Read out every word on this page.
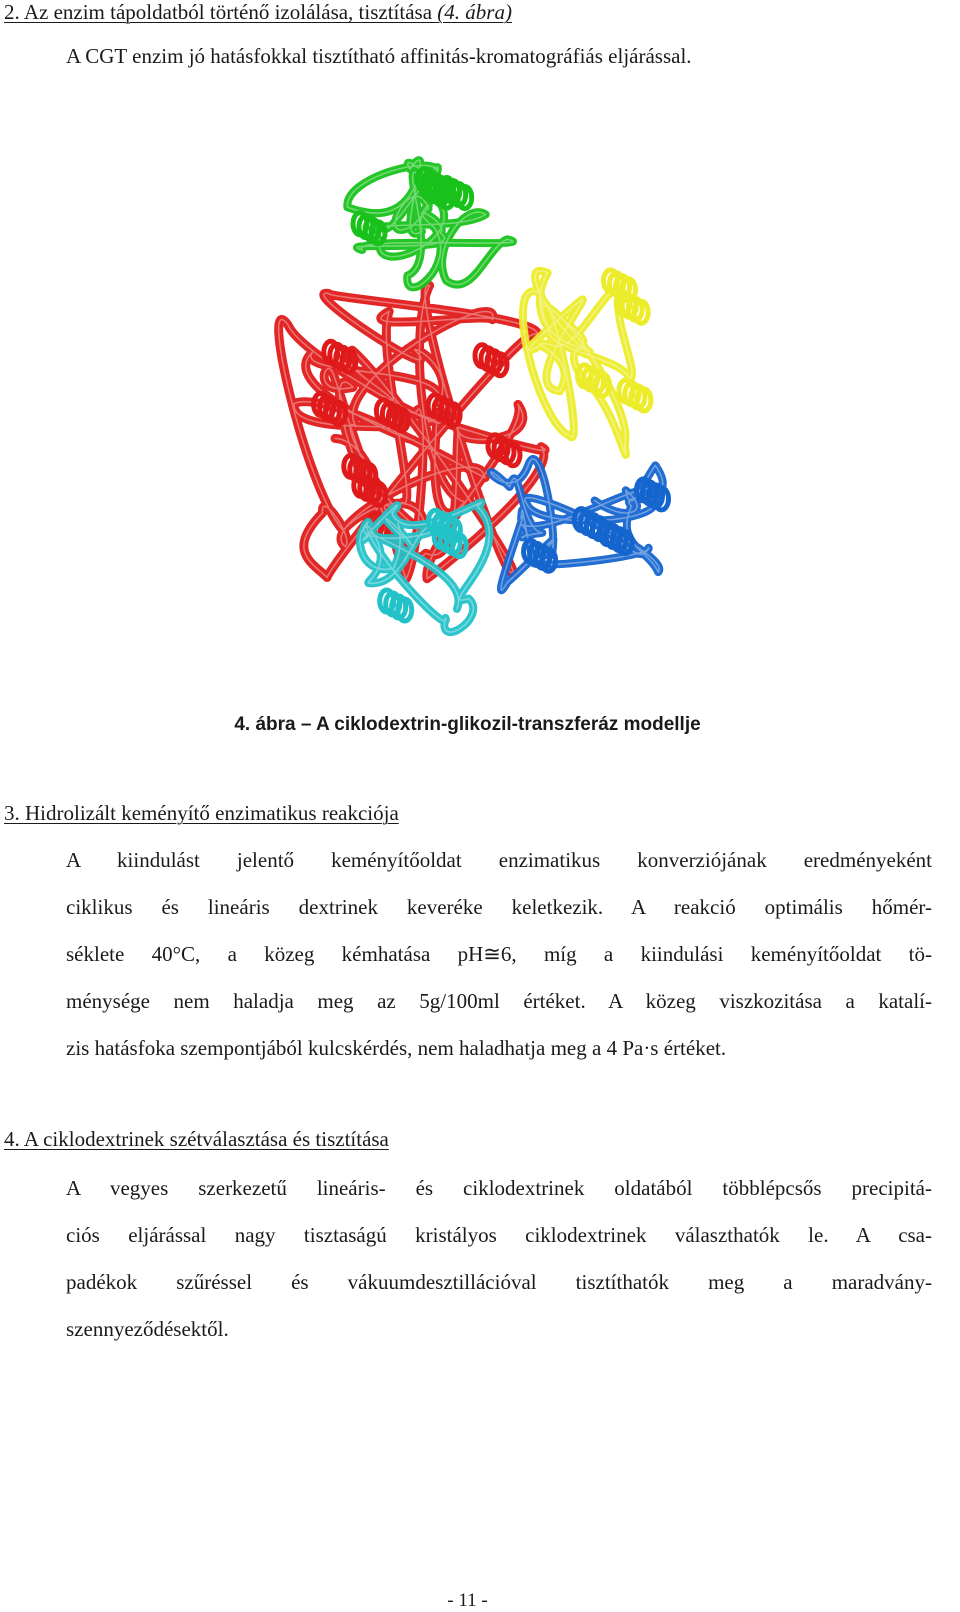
2. Az enzim tápoldatból történő izolálása, tisztítása (4. ábra)
A CGT enzim jó hatásfokkal tisztítható affinitás-kromatográfiás eljárással.
4. ábra – A ciklodextrin-glikozil-transzferáz modellje
3. Hidrolizált keményítő enzimatikus reakciója
A kiindulást jelentő keményítőoldat enzimatikus konverziójának eredményeként
ciklikus és lineáris dextrinek keveréke keletkezik. A reakció optimális hőmér-
séklete 40°C, a közeg kémhatása pH≅6, míg a kiindulási keményítőoldat tö-
ménysége nem haladja meg az 5g/100ml értéket. A közeg viszkozitása a katalí-
zis hatásfoka szempontjából kulcskérdés, nem haladhatja meg a 4 Pa·s értéket.
4. A ciklodextrinek szétválasztása és tisztítása
A vegyes szerkezetű lineáris- és ciklodextrinek oldatából többlépcsős precipitá-
ciós eljárással nagy tisztaságú kristályos ciklodextrinek választhatók le. A csa-
padékok szűréssel és vákuumdesztillációval tisztíthatók meg a maradvány-
szennyeződésektől.
- 11 -
